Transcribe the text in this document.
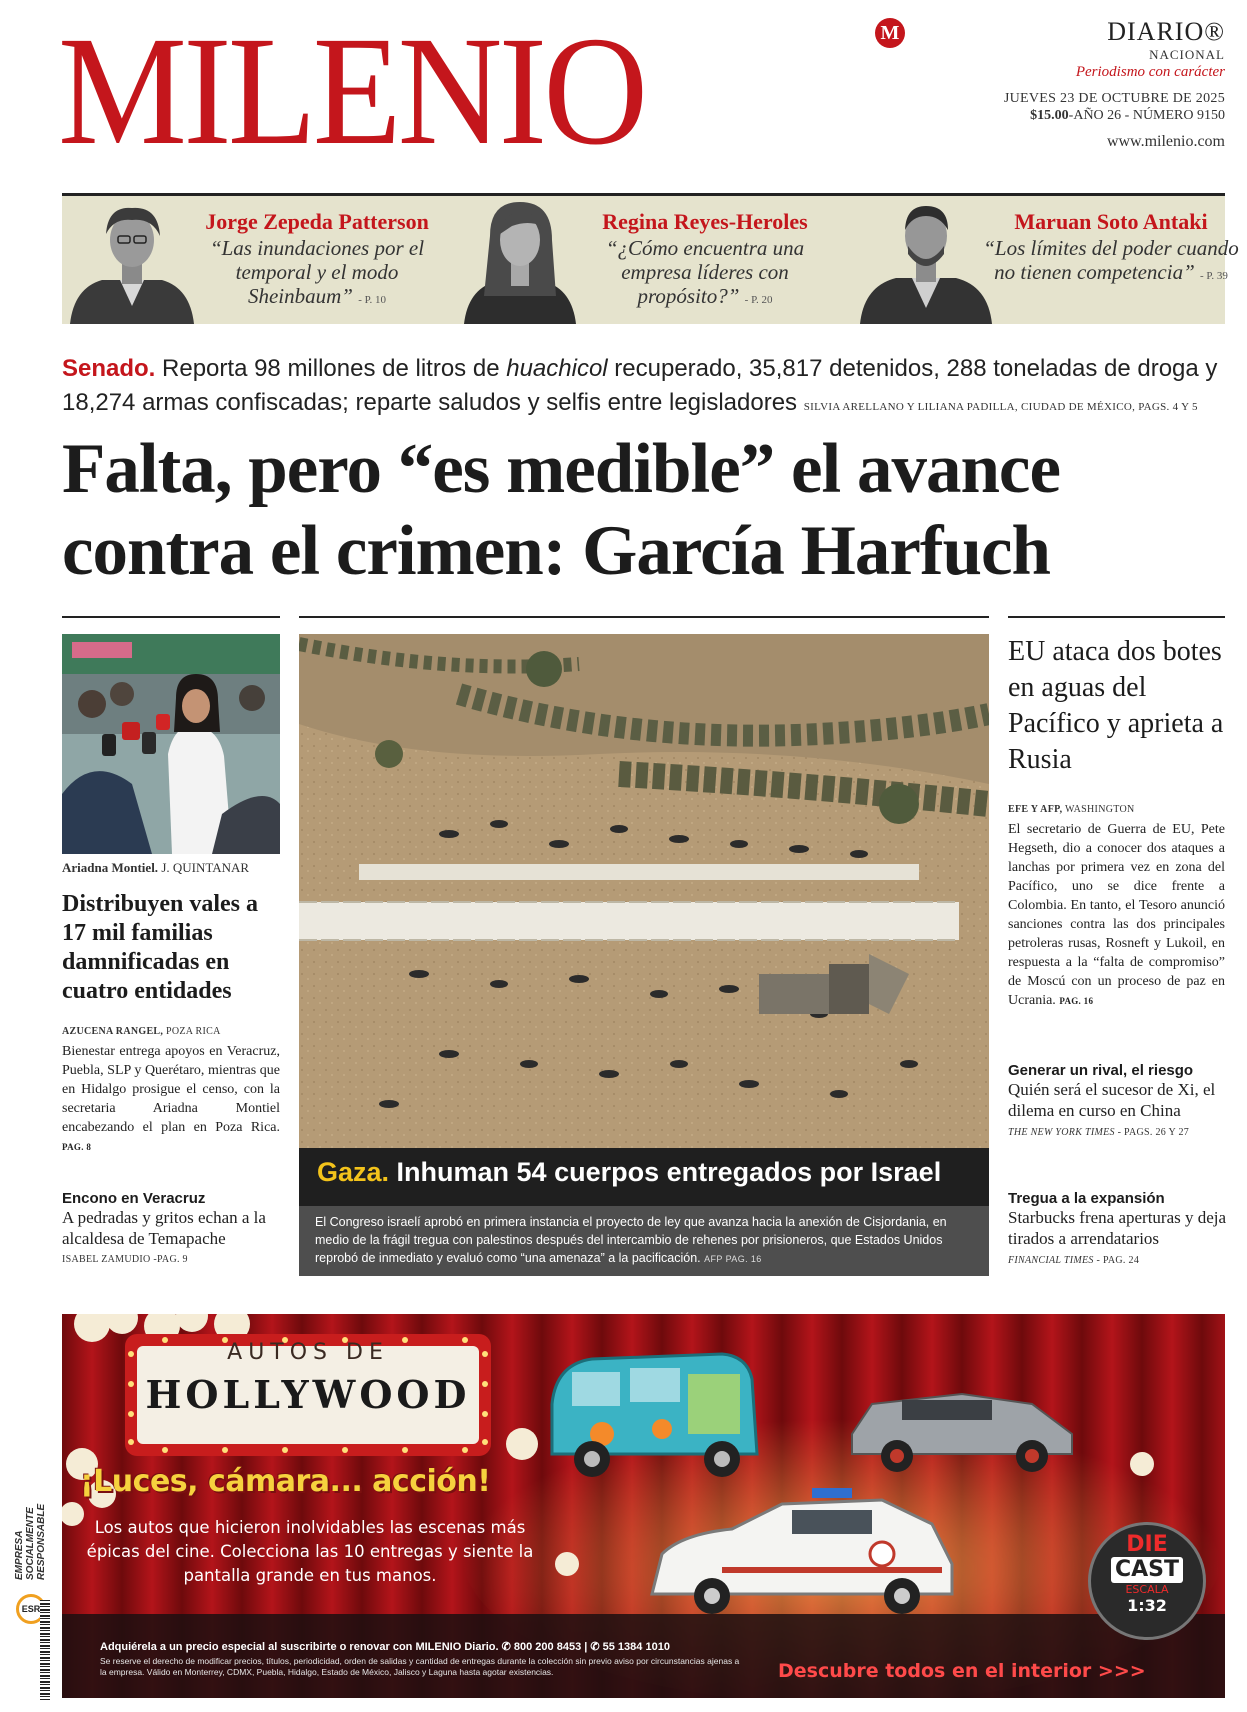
MILENIO	M	DIARIO®
NACIONAL
Periodismo con carácter
JUEVES 23 DE OCTUBRE DE 2025
$15.00-AÑO 26 - NÚMERO 9150
www.milenio.com
Jorge Zepeda Patterson
“Las inundaciones por el temporal y el modo Sheinbaum” - P. 10
Regina Reyes-Heroles
“¿Cómo encuentra una empresa líderes con propósito?” - P. 20
Maruan Soto Antaki
“Los límites del poder cuando no tienen competencia” - P. 39
Senado. Reporta 98 millones de litros de huachicol recuperado, 35,817 detenidos, 288 toneladas de droga y 18,274 armas confiscadas; reparte saludos y selfis entre legisladores SILVIA ARELLANO Y LILIANA PADILLA, CIUDAD DE MÉXICO, PAGS. 4 Y 5
Falta, pero “es medible” el avance contra el crimen: García Harfuch
Ariadna Montiel. J. QUINTANAR
Distribuyen vales a 17 mil familias damnificadas en cuatro entidades
AZUCENA RANGEL, POZA RICA
Bienestar entrega apoyos en Veracruz, Puebla, SLP y Querétaro, mientras que en Hidalgo prosigue el censo, con la secretaria Ariadna Montiel encabezando el plan en Poza Rica. PAG. 8
Encono en Veracruz
A pedradas y gritos echan a la alcaldesa de Temapache
ISABEL ZAMUDIO -PAG. 9
Gaza. Inhuman 54 cuerpos entregados por Israel
El Congreso israelí aprobó en primera instancia el proyecto de ley que avanza hacia la anexión de Cisjordania, en medio de la frágil tregua con palestinos después del intercambio de rehenes por prisioneros, que Estados Unidos reprobó de inmediato y evaluó como “una amenaza” a la pacificación. AFP PAG. 16
EU ataca dos botes en aguas del Pacífico y aprieta a Rusia
EFE Y AFP, WASHINGTON
El secretario de Guerra de EU, Pete Hegseth, dio a conocer dos ataques a lanchas por primera vez en zona del Pacífico, uno se dice frente a Colombia. En tanto, el Tesoro anunció sanciones contra las dos principales petroleras rusas, Rosneft y Lukoil, en respuesta a la “falta de compromiso” de Moscú con un proceso de paz en Ucrania. PAG. 16
Generar un rival, el riesgo
Quién será el sucesor de Xi, el dilema en curso en China
THE NEW YORK TIMES - PAGS. 26 Y 27
Tregua a la expansión
Starbucks frena aperturas y deja tirados a arrendatarios
FINANCIAL TIMES - PAG. 24
AUTOS DE
HOLLYWOOD
¡Luces, cámara... acción!
Los autos que hicieron inolvidables las escenas más épicas del cine. Colecciona las 10 entregas y siente la pantalla grande en tus manos.
DIE
CAST
ESCALA
1:32
Adquiérela a un precio especial al suscribirte o renovar con MILENIO Diario. ✆ 800 200 8453 | ✆ 55 1384 1010
Se reserve el derecho de modificar precios, títulos, periodicidad, orden de salidas y cantidad de entregas durante la colección sin previo aviso por circunstancias ajenas a la empresa. Válido en Monterrey, CDMX, Puebla, Hidalgo, Estado de México, Jalisco y Laguna hasta agotar existencias.	Descubre todos en el interior >>>
EMPRESA SOCIALMENTE RESPONSABLE
ESR
